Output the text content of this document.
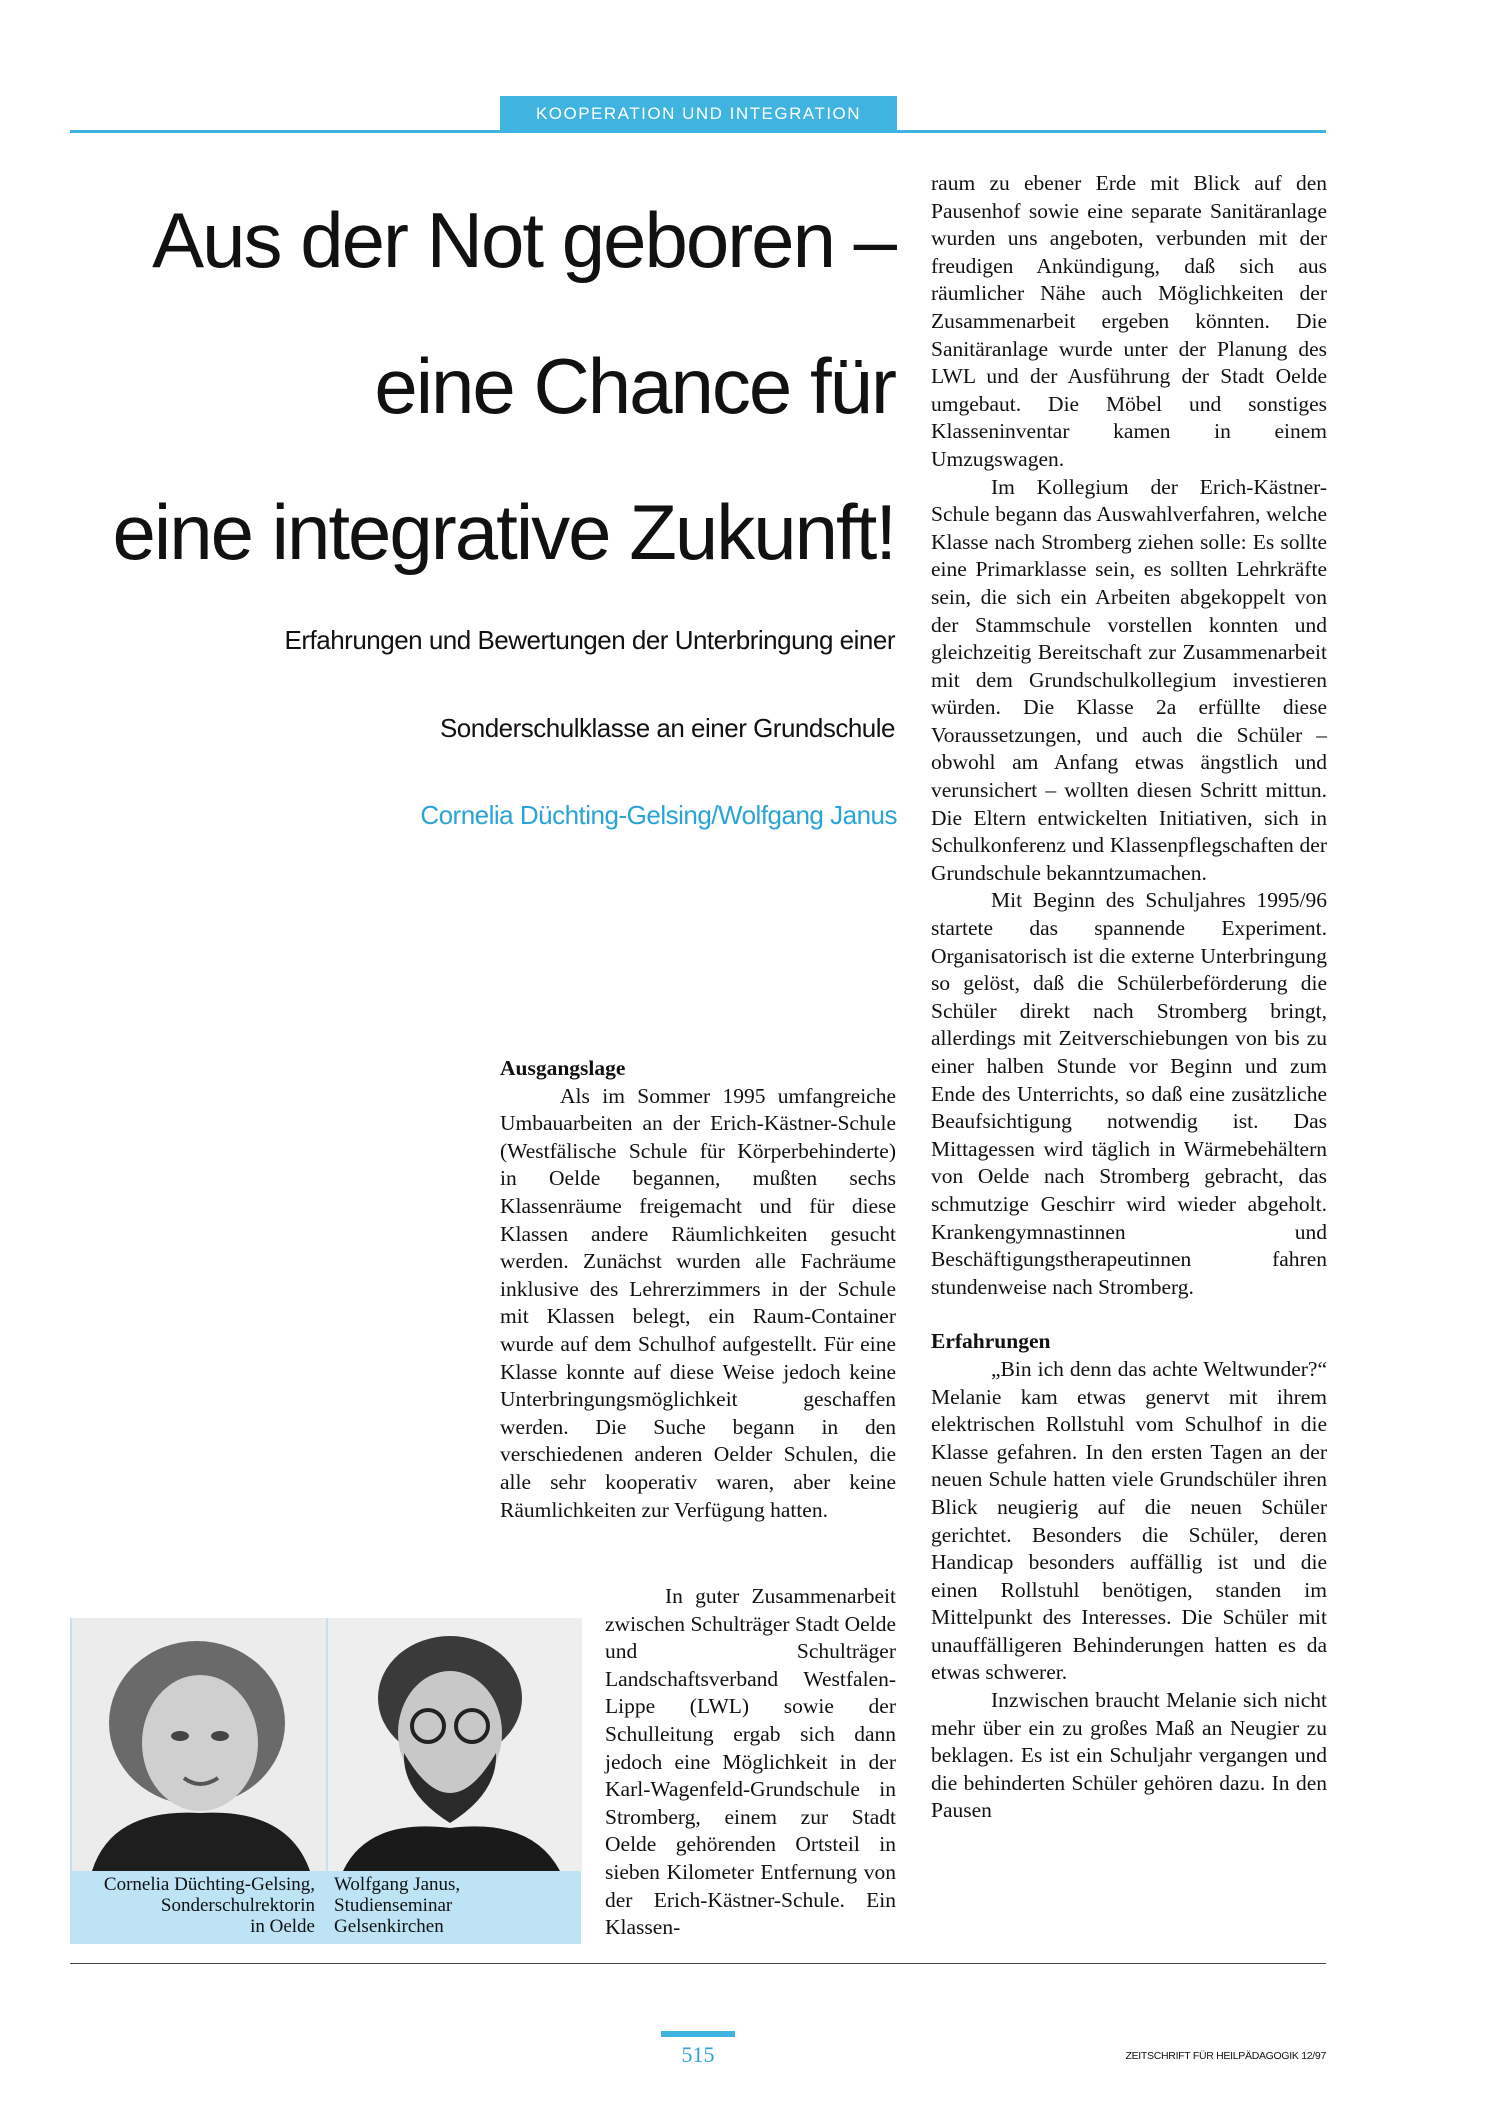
KOOPERATION UND INTEGRATION
Aus der Not geboren –
eine Chance für
eine integrative Zukunft!
Erfahrungen und Bewertungen der Unterbringung einer
Sonderschulklasse an einer Grundschule
Cornelia Düchting-Gelsing/Wolfgang Janus
Ausgangslage

Als im Sommer 1995 umfangreiche Umbauarbeiten an der Erich-Kästner-Schule (Westfälische Schule für Körperbehinderte) in Oelde begannen, mußten sechs Klassenräume freigemacht und für diese Klassen andere Räumlichkeiten gesucht werden. Zunächst wurden alle Fachräume inklusive des Lehrerzimmers in der Schule mit Klassen belegt, ein Raum-Container wurde auf dem Schulhof aufgestellt. Für eine Klasse konnte auf diese Weise jedoch keine Unterbringungsmöglichkeit geschaffen werden. Die Suche begann in den verschiedenen anderen Oelder Schulen, die alle sehr kooperativ waren, aber keine Räumlichkeiten zur Verfügung hatten.

In guter Zusammenarbeit zwischen Schulträger Stadt Oelde und Schulträger Landschaftsverband Westfalen-Lippe (LWL) sowie der Schulleitung ergab sich dann jedoch eine Möglichkeit in der Karl-Wagenfeld-Grundschule in Stromberg, einem zur Stadt Oelde gehörenden Ortsteil in sieben Kilometer Entfernung von der Erich-Kästner-Schule. Ein Klassen-

raum zu ebener Erde mit Blick auf den Pausenhof sowie eine separate Sanitäranlage wurden uns angeboten, verbunden mit der freudigen Ankündigung, daß sich aus räumlicher Nähe auch Möglichkeiten der Zusammenarbeit ergeben könnten. Die Sanitäranlage wurde unter der Planung des LWL und der Ausführung der Stadt Oelde umgebaut. Die Möbel und sonstiges Klasseninventar kamen in einem Umzugswagen.

Im Kollegium der Erich-Kästner-Schule begann das Auswahlverfahren, welche Klasse nach Stromberg ziehen solle: Es sollte eine Primarklasse sein, es sollten Lehrkräfte sein, die sich ein Arbeiten abgekoppelt von der Stammschule vorstellen konnten und gleichzeitig Bereitschaft zur Zusammenarbeit mit dem Grundschulkollegium investieren würden. Die Klasse 2a erfüllte diese Voraussetzungen, und auch die Schüler – obwohl am Anfang etwas ängstlich und verunsichert – wollten diesen Schritt mittun. Die Eltern entwickelten Initiativen, sich in Schulkonferenz und Klassenpflegschaften der Grundschule bekanntzumachen.

Mit Beginn des Schuljahres 1995/96 startete das spannende Experiment. Organisatorisch ist die externe Unterbringung so gelöst, daß die Schülerbeförderung die Schüler direkt nach Stromberg bringt, allerdings mit Zeitverschiebungen von bis zu einer halben Stunde vor Beginn und zum Ende des Unterrichts, so daß eine zusätzliche Beaufsichtigung notwendig ist. Das Mittagessen wird täglich in Wärmebehältern von Oelde nach Stromberg gebracht, das schmutzige Geschirr wird wieder abgeholt. Krankengymnastinnen und Beschäftigungstherapeutinnen fahren stundenweise nach Stromberg.

Erfahrungen

„Bin ich denn das achte Weltwunder?“ Melanie kam etwas genervt mit ihrem elektrischen Rollstuhl vom Schulhof in die Klasse gefahren. In den ersten Tagen an der neuen Schule hatten viele Grundschüler ihren Blick neugierig auf die neuen Schüler gerichtet. Besonders die Schüler, deren Handicap besonders auffällig ist und die einen Rollstuhl benötigen, standen im Mittelpunkt des Interesses. Die Schüler mit unauffälligeren Behinderungen hatten es da etwas schwerer.

Inzwischen braucht Melanie sich nicht mehr über ein zu großes Maß an Neugier zu beklagen. Es ist ein Schuljahr vergangen und die behinderten Schüler gehören dazu. In den Pausen

Cornelia Düchting-Gelsing,
Sonderschulrektorin
in Oelde
Wolfgang Janus,
Studienseminar
Gelsenkirchen
515	ZEITSCHRIFT FÜR HEILPÄDAGOGIK 12/97
